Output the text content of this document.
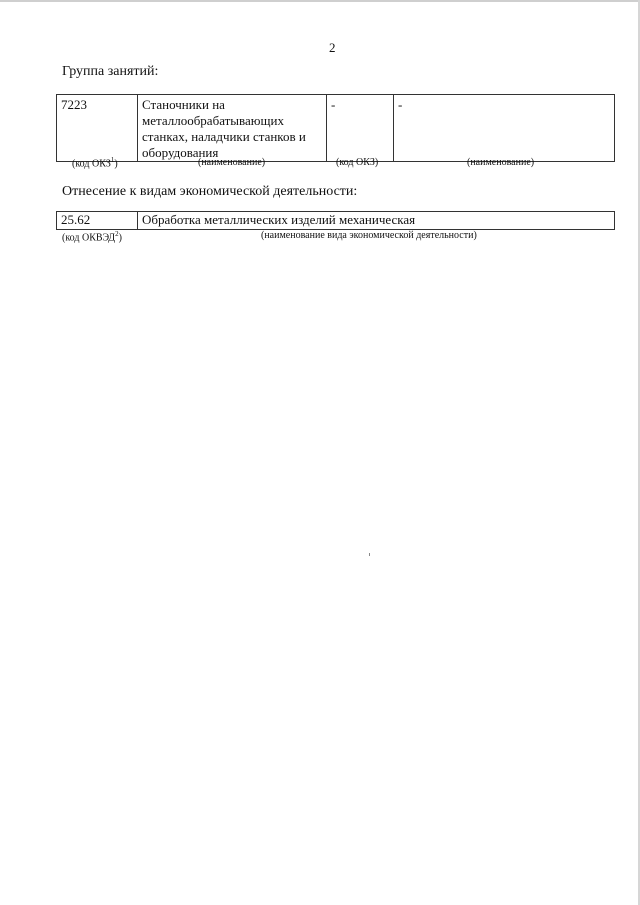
2
Группа занятий:
7223	Станочники на
металлообрабатывающих
станках, наладчики станков и
оборудования	-	-
(код ОКЗ$^1$)	(наименование)	(код ОКЗ)	(наименование)
Отнесение к видам экономической деятельности:
25.62	Обработка металлических изделий механическая
(код ОКВЭД$^2$)	(наименование вида экономической деятельности)
